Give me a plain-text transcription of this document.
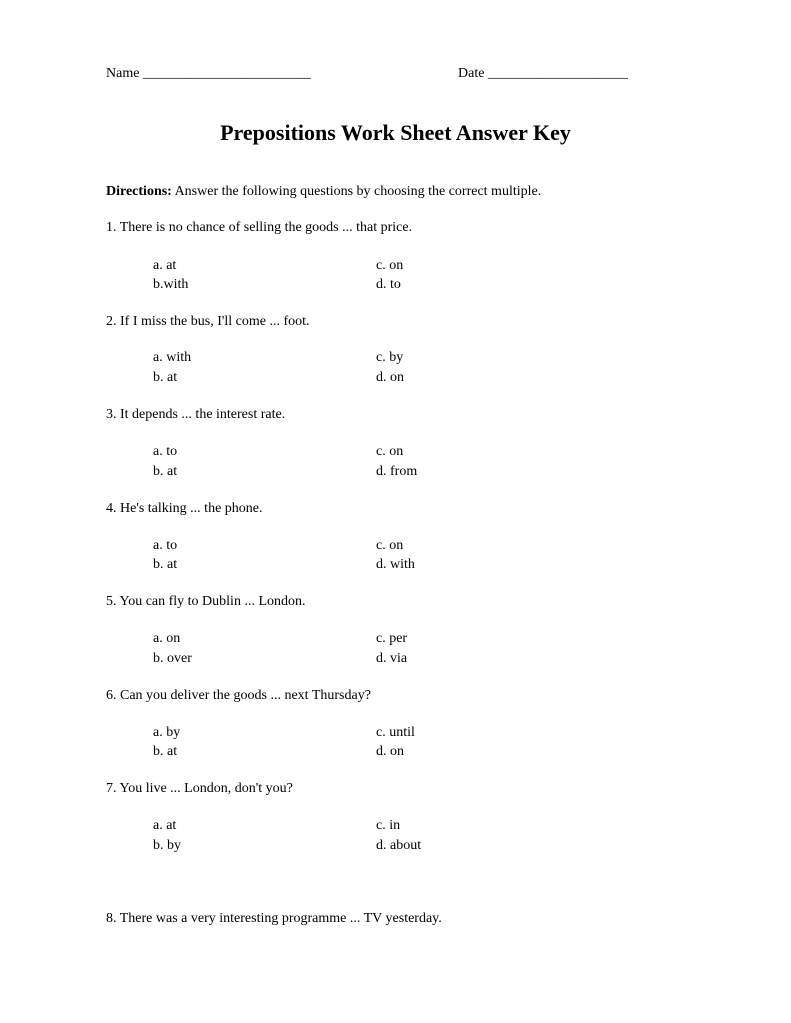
Name ________________________	Date ____________________
Prepositions Work Sheet Answer Key
Directions: Answer the following questions by choosing the correct multiple.
1. There is no chance of selling the goods ... that price.
a. at	c. on
b.with	d. to
2. If I miss the bus, I'll come ... foot.
a. with	c. by
b. at	d. on
3. It depends ... the interest rate.
a. to	c. on
b. at	d. from
4. He's talking ... the phone.
a. to	c. on
b. at	d. with
5. You can fly to Dublin ... London.
a. on	c. per
b. over	d. via
6. Can you deliver the goods ... next Thursday?
a. by	c. until
b. at	d. on
7. You live ... London, don't you?
a. at	c. in
b. by	d. about
8. There was a very interesting programme ... TV yesterday.
